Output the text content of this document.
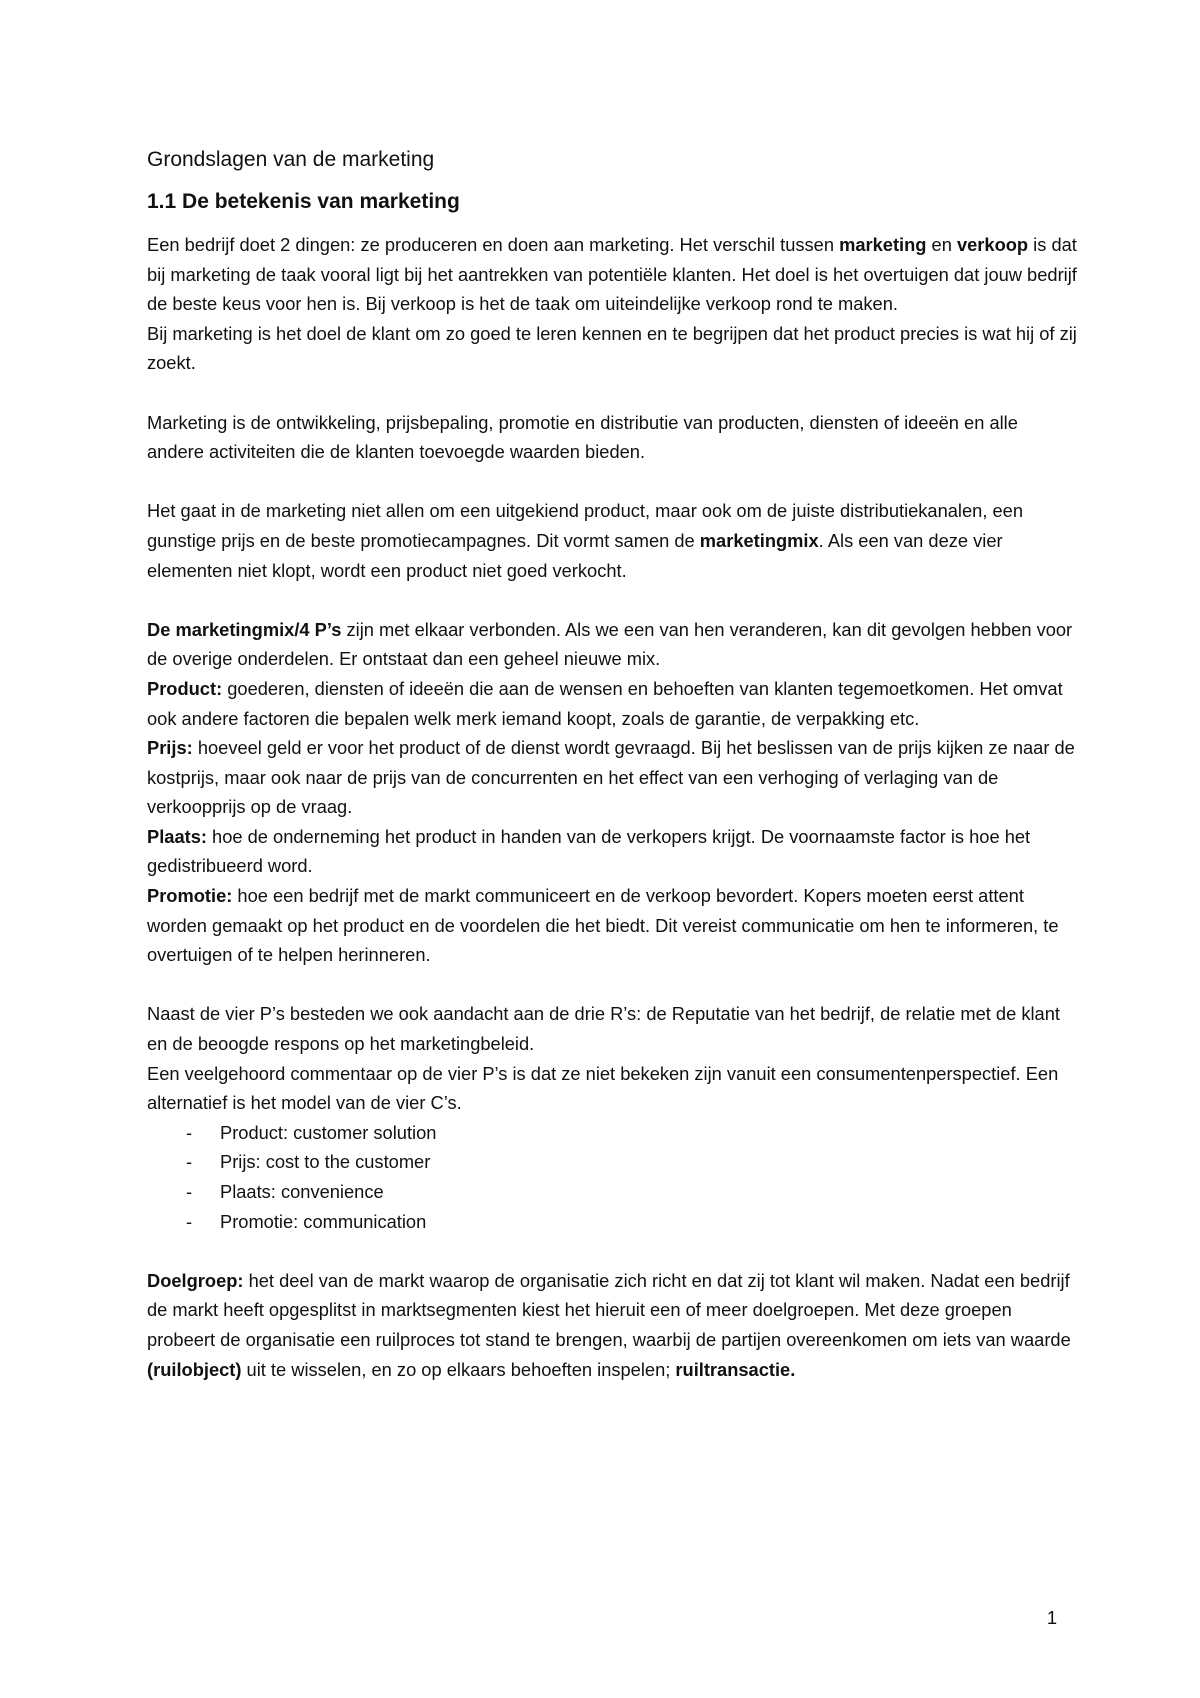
Grondslagen van de marketing
1.1 De betekenis van marketing

Een bedrijf doet 2 dingen: ze produceren en doen aan marketing. Het verschil tussen marketing en verkoop is dat bij marketing de taak vooral ligt bij het aantrekken van potentiële klanten. Het doel is het overtuigen dat jouw bedrijf de beste keus voor hen is. Bij verkoop is het de taak om uiteindelijke verkoop rond te maken.

Bij marketing is het doel de klant om zo goed te leren kennen en te begrijpen dat het product precies is wat hij of zij zoekt.

Marketing is de ontwikkeling, prijsbepaling, promotie en distributie van producten, diensten of ideeën en alle andere activiteiten die de klanten toevoegde waarden bieden.

Het gaat in de marketing niet allen om een uitgekiend product, maar ook om de juiste distributiekanalen, een gunstige prijs en de beste promotiecampagnes. Dit vormt samen de marketingmix. Als een van deze vier elementen niet klopt, wordt een product niet goed verkocht.

De marketingmix/4 P’s zijn met elkaar verbonden. Als we een van hen veranderen, kan dit gevolgen hebben voor de overige onderdelen. Er ontstaat dan een geheel nieuwe mix.

Product: goederen, diensten of ideeën die aan de wensen en behoeften van klanten tegemoetkomen. Het omvat ook andere factoren die bepalen welk merk iemand koopt, zoals de garantie, de verpakking etc.

Prijs: hoeveel geld er voor het product of de dienst wordt gevraagd. Bij het beslissen van de prijs kijken ze naar de kostprijs, maar ook naar de prijs van de concurrenten en het effect van een verhoging of verlaging van de verkoopprijs op de vraag.

Plaats: hoe de onderneming het product in handen van de verkopers krijgt. De voornaamste factor is hoe het gedistribueerd word.

Promotie: hoe een bedrijf met de markt communiceert en de verkoop bevordert. Kopers moeten eerst attent worden gemaakt op het product en de voordelen die het biedt. Dit vereist communicatie om hen te informeren, te overtuigen of te helpen herinneren.

Naast de vier P’s besteden we ook aandacht aan de drie R’s: de Reputatie van het bedrijf, de relatie met de klant en de beoogde respons op het marketingbeleid.

Een veelgehoord commentaar op de vier P’s is dat ze niet bekeken zijn vanuit een consumentenperspectief. Een alternatief is het model van de vier C’s.

- Product: customer solution
- Prijs: cost to the customer
- Plaats: convenience
- Promotie: communication

Doelgroep: het deel van de markt waarop de organisatie zich richt en dat zij tot klant wil maken. Nadat een bedrijf de markt heeft opgesplitst in marktsegmenten kiest het hieruit een of meer doelgroepen. Met deze groepen probeert de organisatie een ruilproces tot stand te brengen, waarbij de partijen overeenkomen om iets van waarde (ruilobject) uit te wisselen, en zo op elkaars behoeften inspelen; ruiltransactie.

1
